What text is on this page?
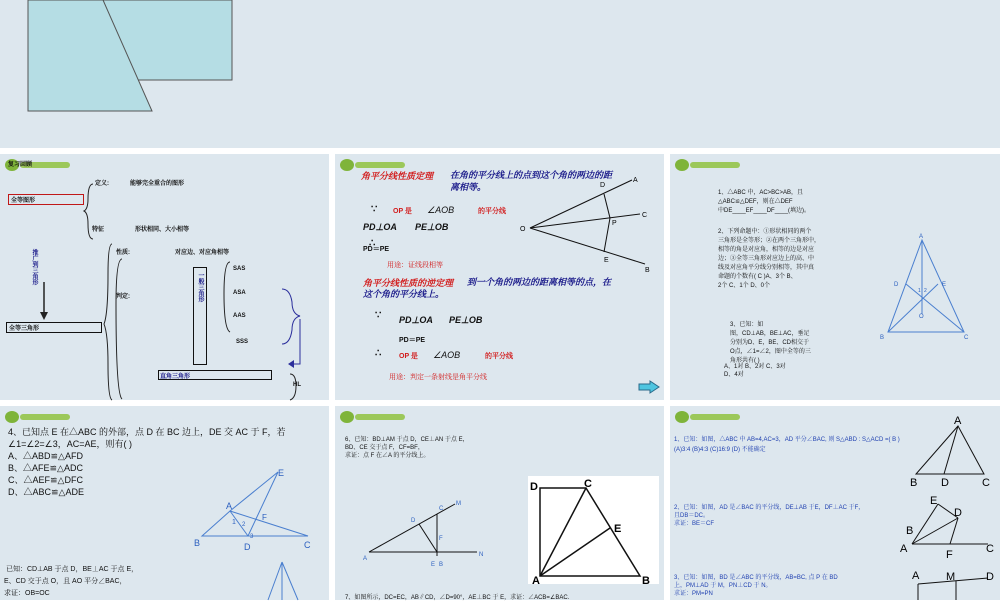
复习回顾
全等图形
定义:	能够完全重合的图形
特征	形状相同、大小相等
推广到三角形
全等三角形
性质:	对应边、对应角相等
判定:	一般三角形
SAS
ASA
AAS
SSS
直角三角形
HL
角平分线性质定理 在角的平分线上的点到这个角的两边的距离相等。
∵ OP 是 ∠AOB	的平分线
PD⊥OA PE⊥OB
∴
PD＝PE
用途：证线段相等
角平分线性质的逆定理	到一个角的两边的距离相等的点，在这个角的平分线上。
∵ PD⊥OA PE⊥OB
PD＝PE
∴	OP 是 ∠AOB	的平分线
用途：判定一条射线是角平分线
D
A
C
P
O
E
B
1、△ABC 中，AC>BC>AB，且
△ABC≌△DEF，则在△DEF
中DE____EF____DF____(填边)。
2、下列命题中：①形状相同的两个
三角形是全等形；②在两个三角形中，
相等的角是对应角，相等的边是对应
边；③全等三角形对应边上的高、中
线及对应角平分线分别相等，其中真
命题的个数有( C )A、3个 B、
2个 C、1个 D、0个
3、已知：如
图，CD⊥AB，BE⊥AC，垂足
分别为D、E，BE、CD相交于
O点，∠1=∠2，图中全等的三
角形共有( )
A、1对 B、2对 C、3对
D、4对
A
D	E
O
B	C
1 2
4、已知点 E 在△ABC 的外部，点 D 在 BC 边上，DE 交 AC 于 F，若
∠1=∠2=∠3，AC=AE，则有( )
A、△ABD≌△AFD
B、△AFE≌△ADC
C、△AEF≌△DFC
D、△ABC≌△ADE
E
A
1
F
B	D	C
2
3
已知：CD⊥AB 于点 D，BE⊥AC 于点 E，
E、CD 交于点 O，且 AO 平分∠BAC，
求证：OB=OC
6、已知：BD⊥AM 于点 D，CE⊥AN 于点 E，
BD、CE 交于点 F，CF=BF，
求证：点 F 在∠A 的平分线上。
M
D
F
A
E B
N
C
D	C
E
A	B
7、如图所示，DC=EC，AB∥CD，∠D=90°，AE⊥BC 于 E，求证：∠ACB=∠BAC.
1、已知：如图，△ABC 中 AB=4,AC=3，AD 平分∠BAC, 则 S△ABD : S△ACD =( B )
(A)3:4 (B)4:3 (C)16:9 (D) 不能确定
A
B D	C
2、已知：如图，AD 是∠BAC 的平分线，DE⊥AB 于E，DF⊥AC 于F，
且DB＝DC。
求证：BE＝CF
E
D
B
A	F	C
3、已知：如图，BD 是∠ABC 的平分线，AB=BC, 点 P 在 BD
上，PM⊥AD 于 M，PN⊥CD 于 N。
求证：PM=PN
A M	D
